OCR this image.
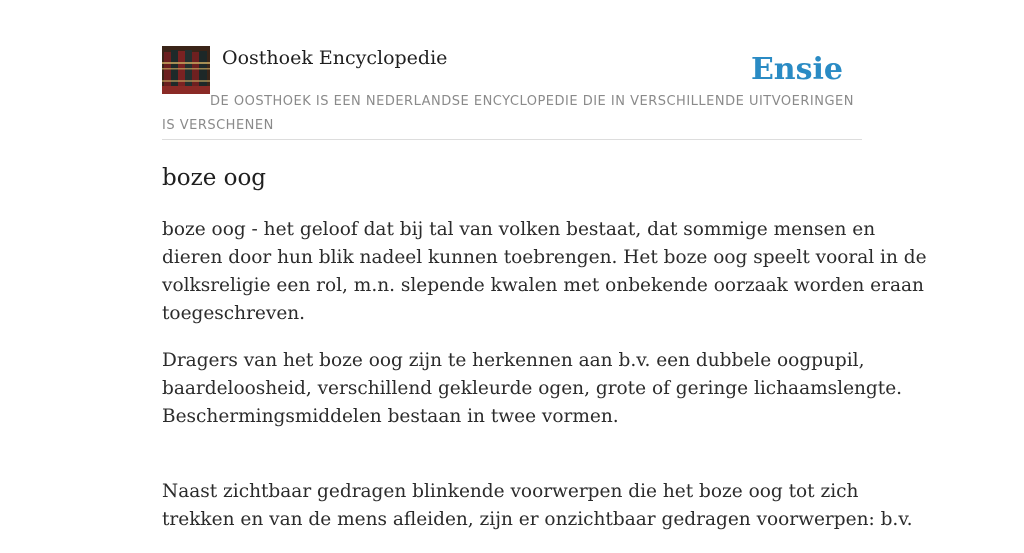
Oosthoek Encyclopedie	Ensie
DE OOSTHOEK IS EEN NEDERLANDSE ENCYCLOPEDIE DIE IN VERSCHILLENDE UITVOERINGEN IS VERSCHENEN
boze oog

boze oog - het geloof dat bij tal van volken bestaat, dat sommige mensen en
dieren door hun blik nadeel kunnen toebrengen. Het boze oog speelt vooral in de
volksreligie een rol, m.n. slepende kwalen met onbekende oorzaak worden eraan
toegeschreven.

Dragers van het boze oog zijn te herkennen aan b.v. een dubbele oogpupil,
baardeloosheid, verschillend gekleurde ogen, grote of geringe lichaamslengte.
Beschermingsmiddelen bestaan in twee vormen.

Naast zichtbaar gedragen blinkende voorwerpen die het boze oog tot zich
trekken en van de mens afleiden, zijn er onzichtbaar gedragen voorwerpen: b.v.
